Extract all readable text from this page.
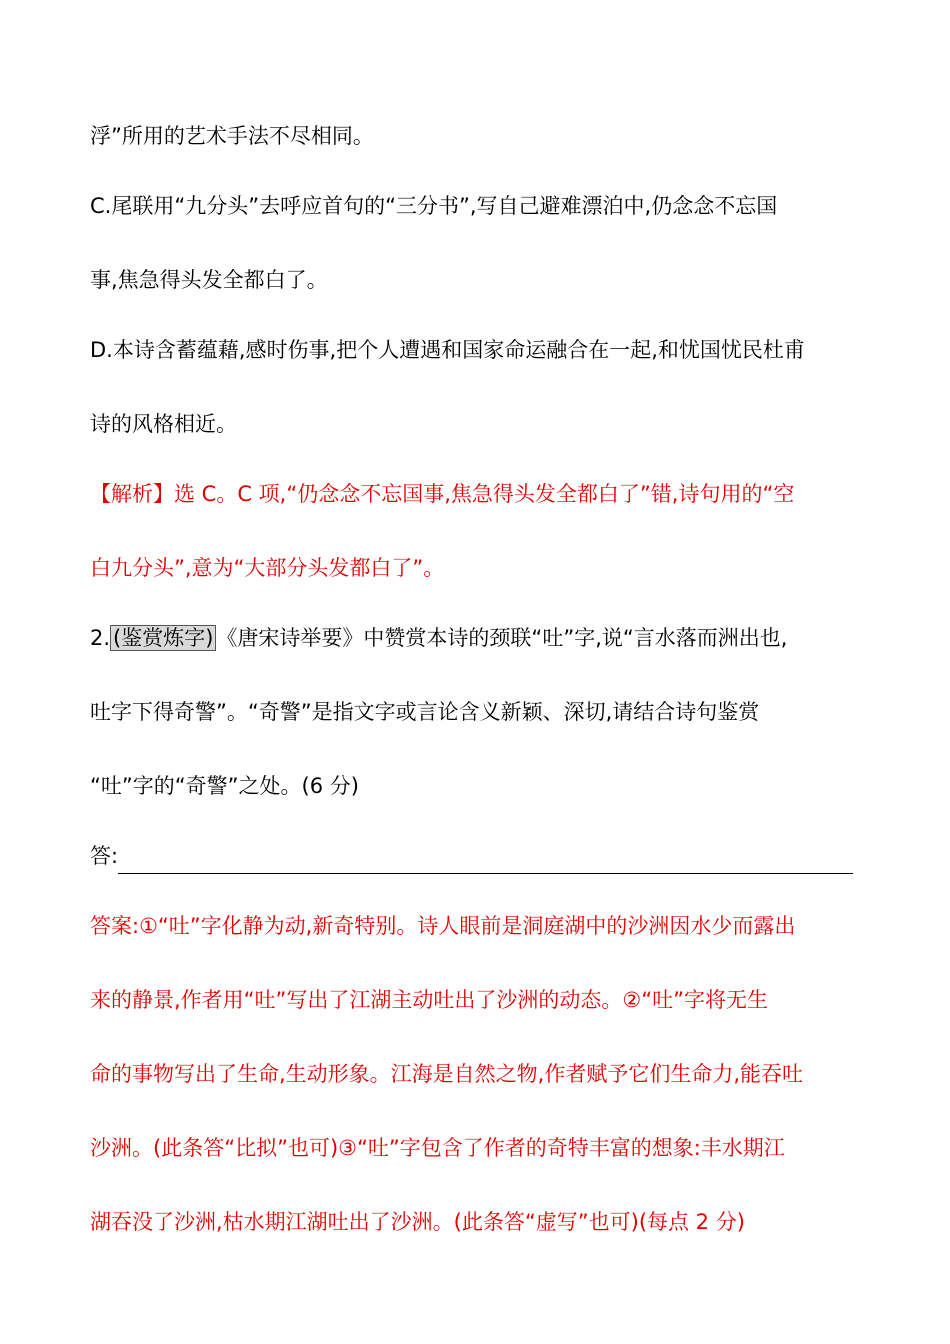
浮”所用的艺术手法不尽相同。
C.尾联用“九分头”去呼应首句的“三分书”,写自己避难漂泊中,仍念念不忘国
事,焦急得头发全都白了。
D.本诗含蓄蕴藉,感时伤事,把个人遭遇和国家命运融合在一起,和忧国忧民杜甫
诗的风格相近。
【解析】选 C。C 项,“仍念念不忘国事,焦急得头发全都白了”错,诗句用的“空
白九分头”,意为“大部分头发都白了”。
2. (鉴赏炼字) 《唐宋诗举要》中赞赏本诗的颈联“吐”字,说“言水落而洲出也,
吐字下得奇警”。“奇警”是指文字或言论含义新颖、深切,请结合诗句鉴赏
“吐”字的“奇警”之处。(6 分)
答:
答案:①“吐”字化静为动,新奇特别。诗人眼前是洞庭湖中的沙洲因水少而露出
来的静景,作者用“吐”写出了江湖主动吐出了沙洲的动态。②“吐”字将无生
命的事物写出了生命,生动形象。江海是自然之物,作者赋予它们生命力,能吞吐
沙洲。(此条答“比拟”也可)③“吐”字包含了作者的奇特丰富的想象:丰水期江
湖吞没了沙洲,枯水期江湖吐出了沙洲。(此条答“虚写”也可)(每点 2 分)
